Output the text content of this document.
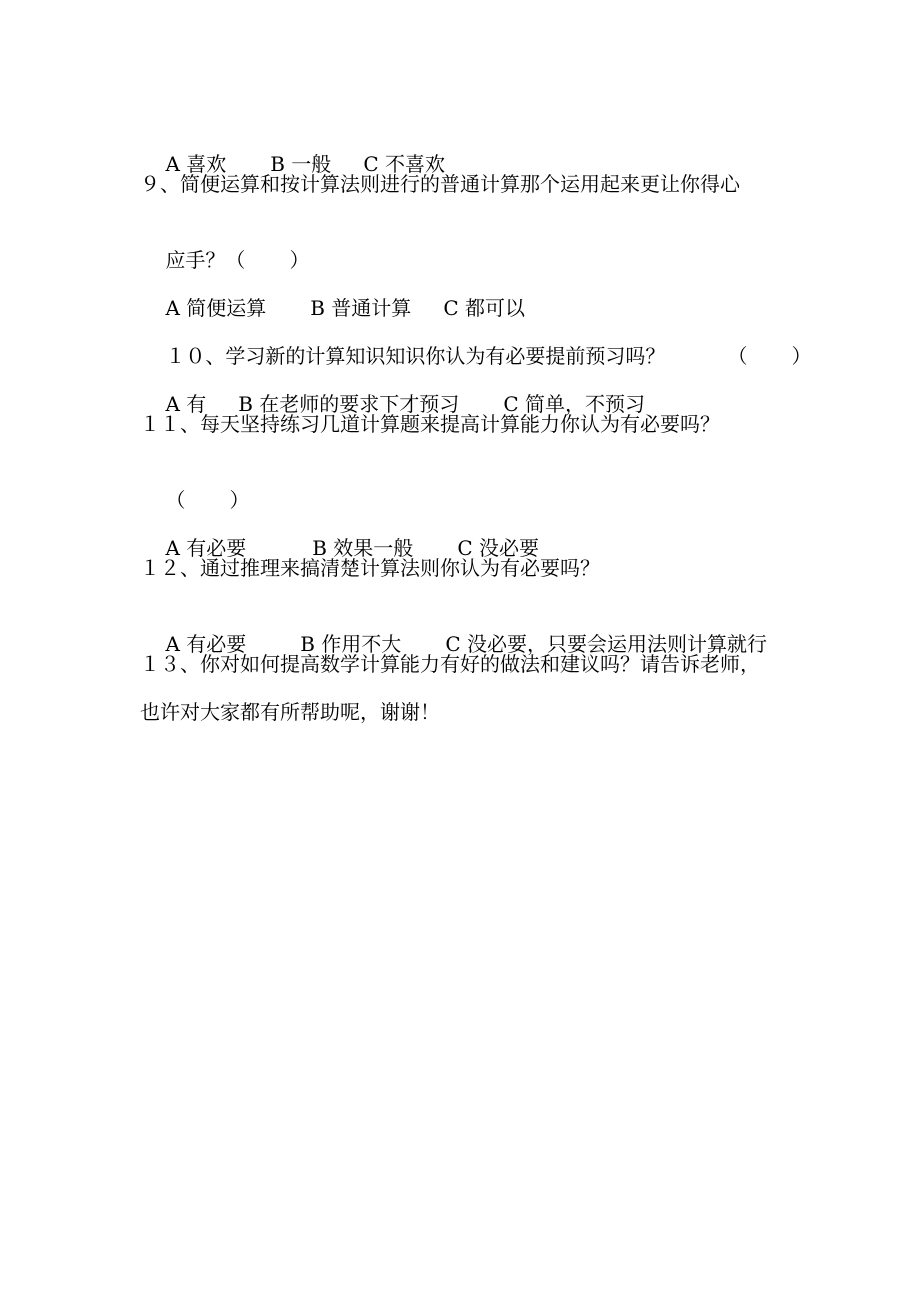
A 喜欢 B 一般 C 不喜欢

９、简便运算和按计算法则进行的普通计算那个运用起来更让你得心

应手？（ ）

A 简便运算 B 普通计算 C 都可以

１０、学习新的计算知识知识你认为有必要提前预习吗？	（ ）

A 有 B 在老师的要求下才预习 C 简单，不预习

１１、每天坚持练习几道计算题来提高计算能力你认为有必要吗？

（ ）

A 有必要	B 效果一般 C 没必要

１２、通过推理来搞清楚计算法则你认为有必要吗？

A 有必要	B 作用不大 C 没必要，只要会运用法则计算就行

１３、你对如何提高数学计算能力有好的做法和建议吗？请告诉老师，
也许对大家都有所帮助呢，谢谢！
